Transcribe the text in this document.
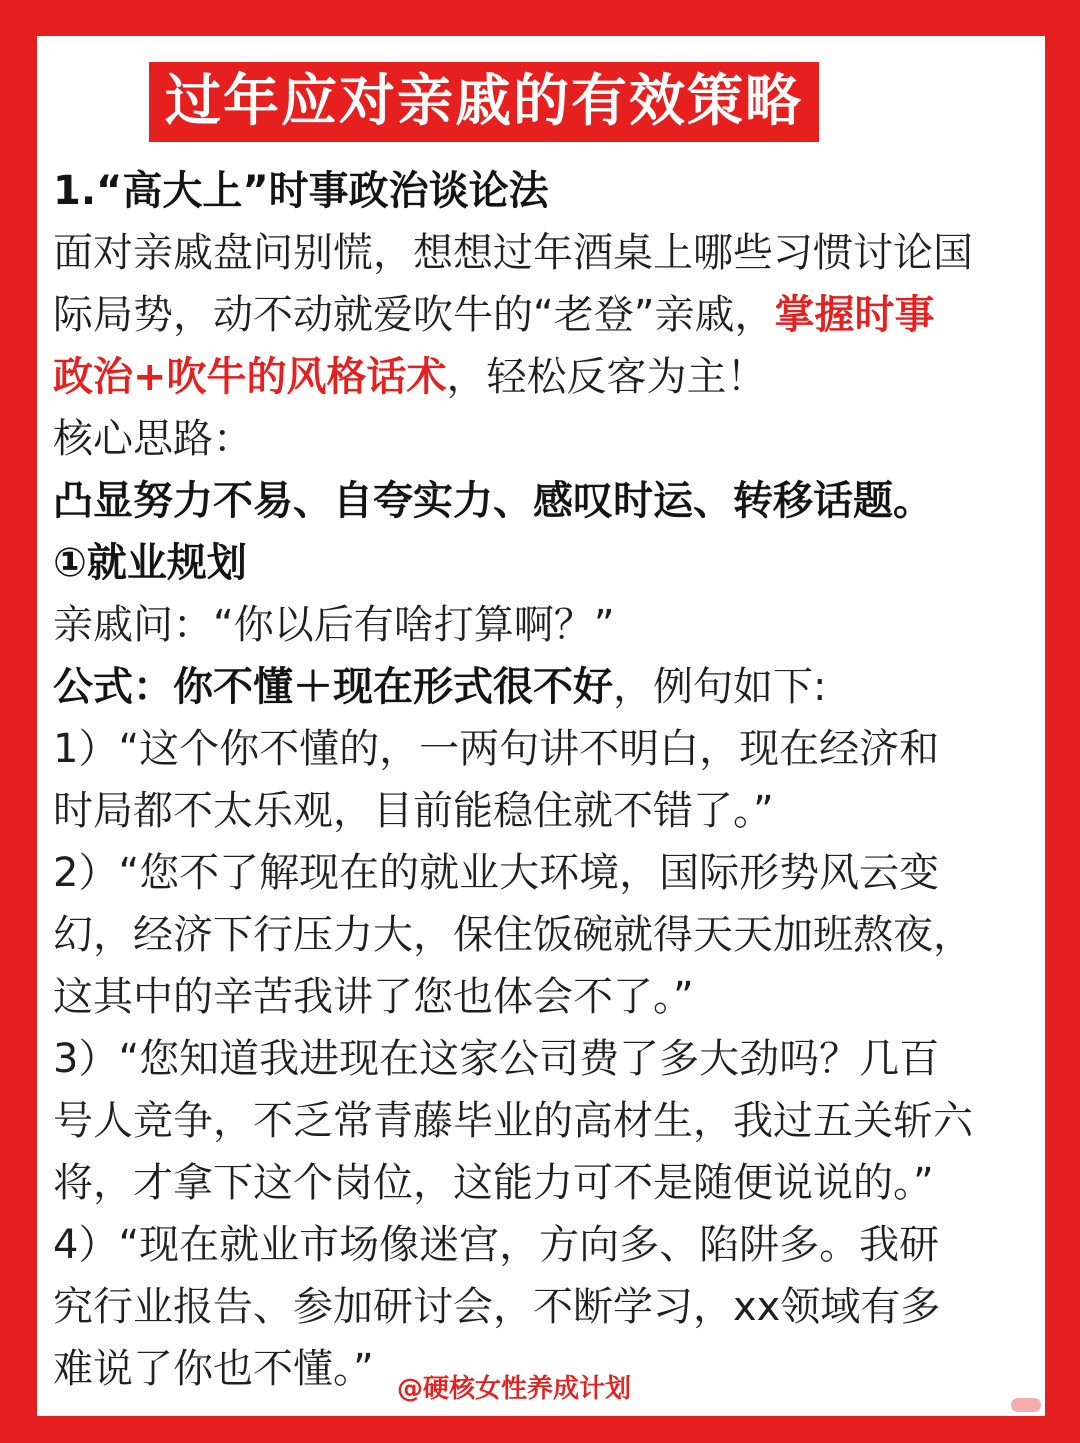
过年应对亲戚的有效策略
1.“高大上”时事政治谈论法
面对亲戚盘问别慌，想想过年酒桌上哪些习惯讨论国
际局势，动不动就爱吹牛的“老登”亲戚，掌握时事
政治+吹牛的风格话术，轻松反客为主！
核心思路：
凸显努力不易、自夸实力、感叹时运、转移话题。
①就业规划
亲戚问：“你以后有啥打算啊？”
公式：你不懂＋现在形式很不好，例句如下:
1）“这个你不懂的，一两句讲不明白，现在经济和
时局都不太乐观，目前能稳住就不错了。”
2）“您不了解现在的就业大环境，国际形势风云变
幻，经济下行压力大，保住饭碗就得天天加班熬夜，
这其中的辛苦我讲了您也体会不了。”
3）“您知道我进现在这家公司费了多大劲吗？几百
号人竞争，不乏常青藤毕业的高材生，我过五关斩六
将，才拿下这个岗位，这能力可不是随便说说的。”
4）“现在就业市场像迷宫，方向多、陷阱多。我研
究行业报告、参加研讨会，不断学习，xx领域有多
难说了你也不懂。” @硬核女性养成计划
